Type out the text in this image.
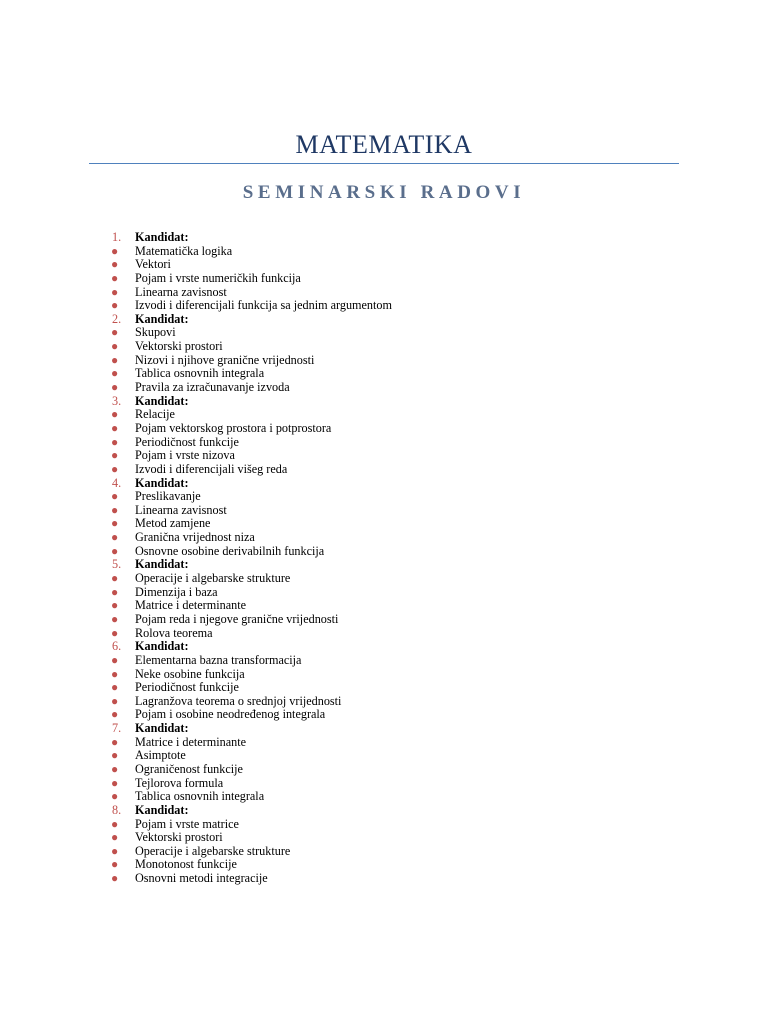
MATEMATIKA
SEMINARSKI RADOVI
1.	Kandidat:
●	Matematička logika
●	Vektori
●	Pojam i vrste numeričkih funkcija
●	Linearna zavisnost
●	Izvodi i diferencijali funkcija sa jednim argumentom
2.	Kandidat:
●	Skupovi
●	Vektorski prostori
●	Nizovi i njihove granične vrijednosti
●	Tablica osnovnih integrala
●	Pravila za izračunavanje izvoda
3.	Kandidat:
●	Relacije
●	Pojam vektorskog prostora i potprostora
●	Periodičnost funkcije
●	Pojam i vrste nizova
●	Izvodi i diferencijali višeg reda
4.	Kandidat:
●	Preslikavanje
●	Linearna zavisnost
●	Metod zamjene
●	Granična vrijednost niza
●	Osnovne osobine derivabilnih funkcija
5.	Kandidat:
●	Operacije i algebarske strukture
●	Dimenzija i baza
●	Matrice i determinante
●	Pojam reda i njegove granične vrijednosti
●	Rolova teorema
6.	Kandidat:
●	Elementarna bazna transformacija
●	Neke osobine funkcija
●	Periodičnost funkcije
●	Lagranžova teorema o srednjoj vrijednosti
●	Pojam i osobine neodređenog integrala
7.	Kandidat:
●	Matrice i determinante
●	Asimptote
●	Ograničenost funkcije
●	Tejlorova formula
●	Tablica osnovnih integrala
8.	Kandidat:
●	Pojam i vrste matrice
●	Vektorski prostori
●	Operacije i algebarske strukture
●	Monotonost funkcije
●	Osnovni metodi integracije
